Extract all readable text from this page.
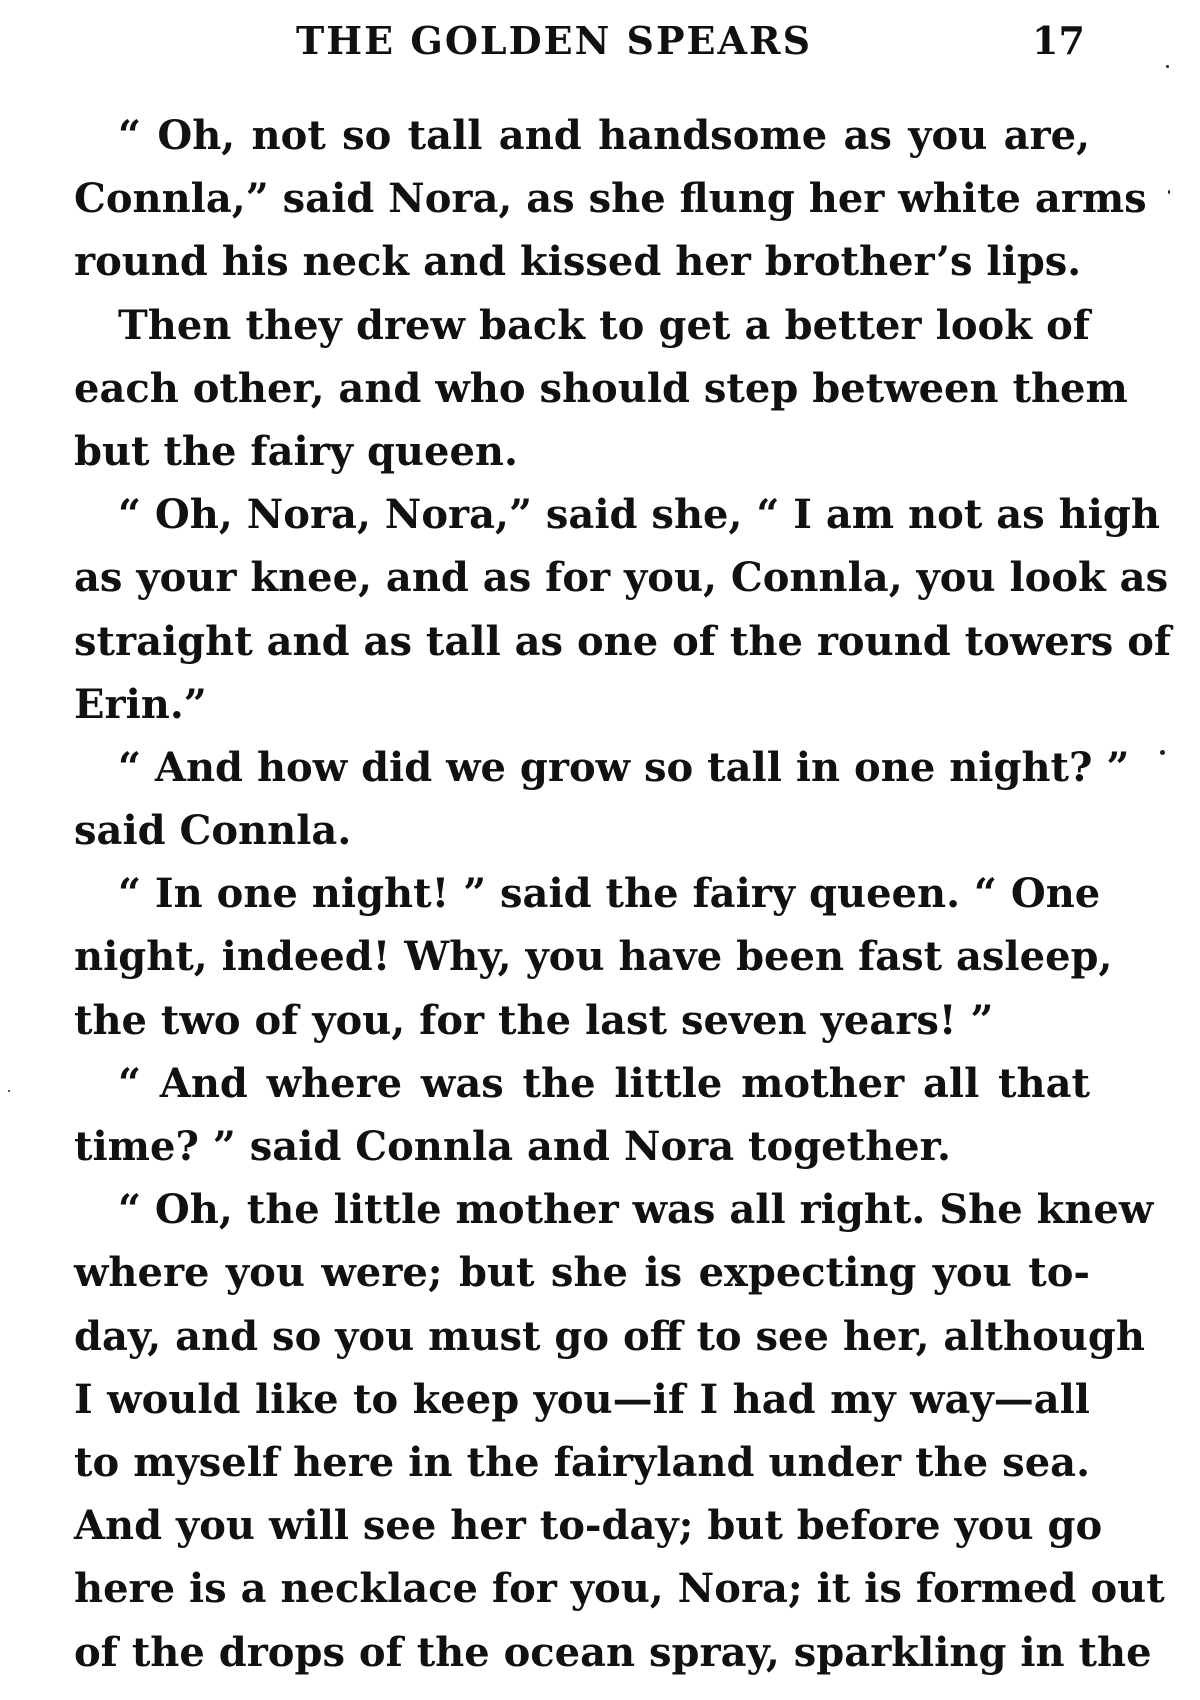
THE GOLDEN SPEARS	17
“ Oh, not so tall and handsome as you are,
Connla,” said Nora, as she flung her white arms
round his neck and kissed her brother’s lips.
Then they drew back to get a better look of
each other, and who should step between them
but the fairy queen.
“ Oh, Nora, Nora,” said she, “ I am not as high
as your knee, and as for you, Connla, you look as
straight and as tall as one of the round towers of
Erin.”
“ And how did we grow so tall in one night? ”
said Connla.
“ In one night! ” said the fairy queen. “ One
night, indeed! Why, you have been fast asleep,
the two of you, for the last seven years! ”
“ And where was the little mother all that
time? ” said Connla and Nora together.
“ Oh, the little mother was all right. She knew
where you were; but she is expecting you to-
day, and so you must go off to see her, although
I would like to keep you—if I had my way—all
to myself here in the fairyland under the sea.
And you will see her to-day; but before you go
here is a necklace for you, Nora; it is formed out
of the drops of the ocean spray, sparkling in the
